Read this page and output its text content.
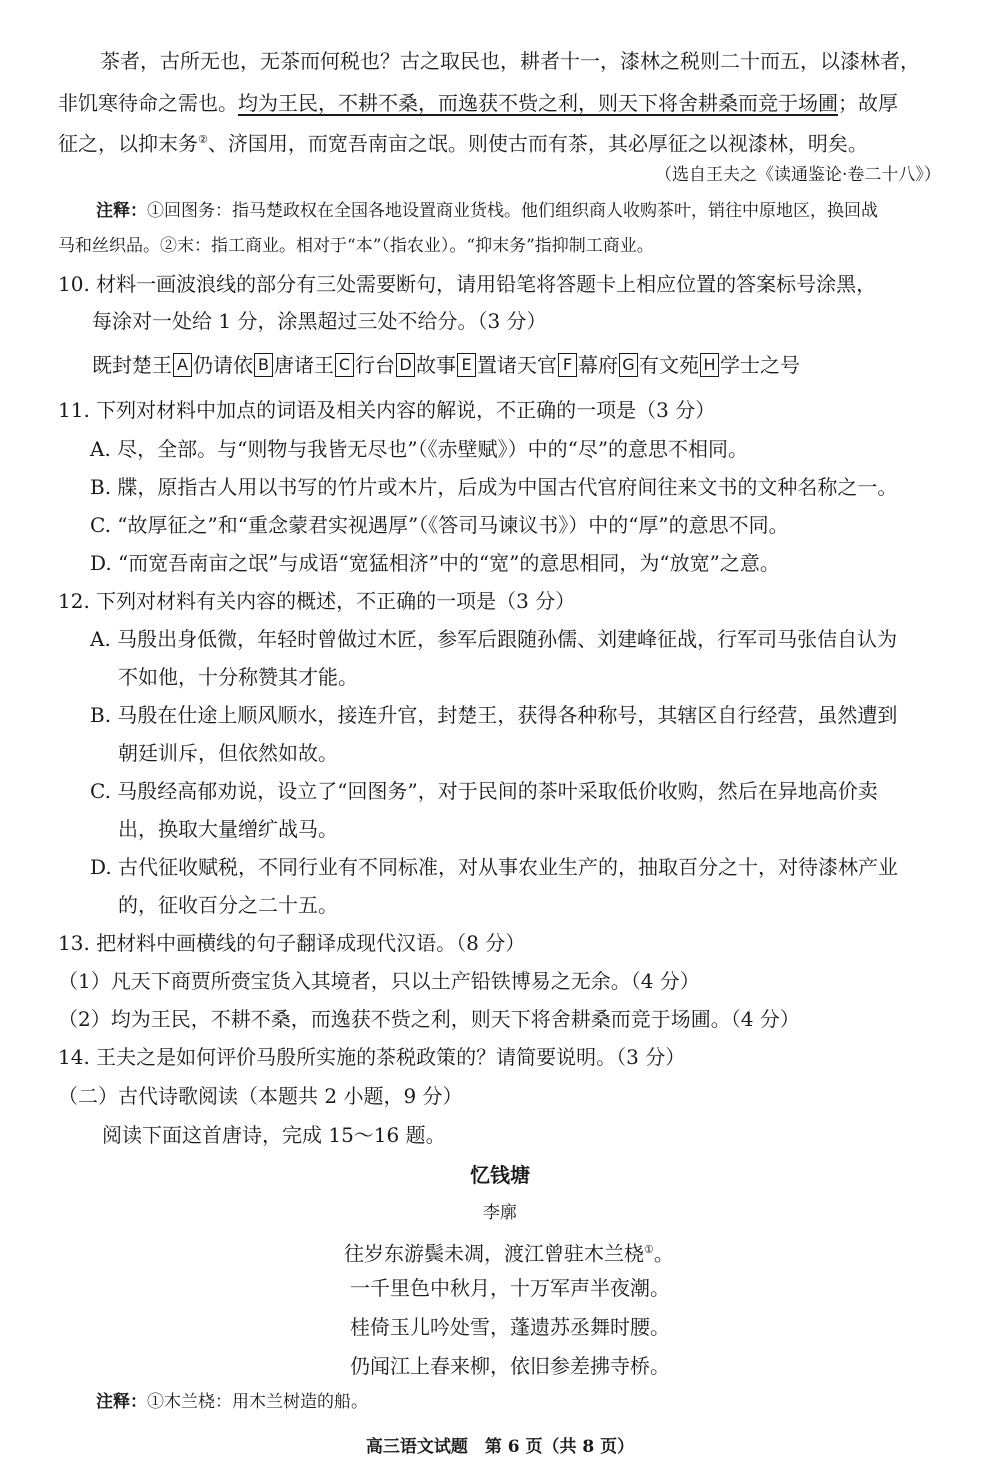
茶者，古所无也，无茶而何税也？古之取民也，耕者十一，漆林之税则二十而五，以漆林者，
非饥寒待命之需也。均为王民，不耕不桑，而逸获不赀之利，则天下将舍耕桑而竞于场圃；故厚
征之，以抑末务②、济国用，而宽吾南亩之氓。则使古而有茶，其必厚征之以视漆林，明矣。
（选自王夫之《读通鉴论·卷二十八》）
注释：①回图务：指马楚政权在全国各地设置商业货栈。他们组织商人收购茶叶，销往中原地区，换回战
马和丝织品。②末：指工商业。相对于“本”（指农业）。“抑末务”指抑制工商业。
10. 材料一画波浪线的部分有三处需要断句，请用铅笔将答题卡上相应位置的答案标号涂黑，
每涂对一处给 1 分，涂黑超过三处不给分。（3 分）
既封楚王 A 仍请依 B 唐诸王 C 行台 D 故事 E 置诸天官 F 幕府 G 有文苑 H 学士之号
11. 下列对材料中加点的词语及相关内容的解说，不正确的一项是（3 分）
A. 尽，全部。与“则物与我皆无尽也”（《赤壁赋》）中的“尽”的意思不相同。
B. 牒，原指古人用以书写的竹片或木片，后成为中国古代官府间往来文书的文种名称之一。
C. “故厚征之”和“重念蒙君实视遇厚”（《答司马谏议书》）中的“厚”的意思不同。
D. “而宽吾南亩之氓”与成语“宽猛相济”中的“宽”的意思相同，为“放宽”之意。
12. 下列对材料有关内容的概述，不正确的一项是（3 分）
A. 马殷出身低微，年轻时曾做过木匠，参军后跟随孙儒、刘建峰征战，行军司马张佶自认为
不如他，十分称赞其才能。
B. 马殷在仕途上顺风顺水，接连升官，封楚王，获得各种称号，其辖区自行经营，虽然遭到
朝廷训斥，但依然如故。
C. 马殷经高郁劝说，设立了“回图务”，对于民间的茶叶采取低价收购，然后在异地高价卖
出，换取大量缯纩战马。
D. 古代征收赋税，不同行业有不同标准，对从事农业生产的，抽取百分之十，对待漆林产业
的，征收百分之二十五。
13. 把材料中画横线的句子翻译成现代汉语。（8 分）
（1）凡天下商贾所赍宝货入其境者，只以土产铅铁博易之无余。（4 分）
（2）均为王民，不耕不桑，而逸获不赀之利，则天下将舍耕桑而竞于场圃。（4 分）
14. 王夫之是如何评价马殷所实施的茶税政策的？请简要说明。（3 分）
（二）古代诗歌阅读（本题共 2 小题，9 分）
阅读下面这首唐诗，完成 15～16 题。
忆钱塘
李廓
往岁东游鬓未凋，渡江曾驻木兰桡①。
一千里色中秋月，十万军声半夜潮。
桂倚玉儿吟处雪，蓬遗苏丞舞时腰。
仍闻江上春来柳，依旧参差拂寺桥。
注释：①木兰桡：用木兰树造的船。
高三语文试题　第 6 页（共 8 页）
